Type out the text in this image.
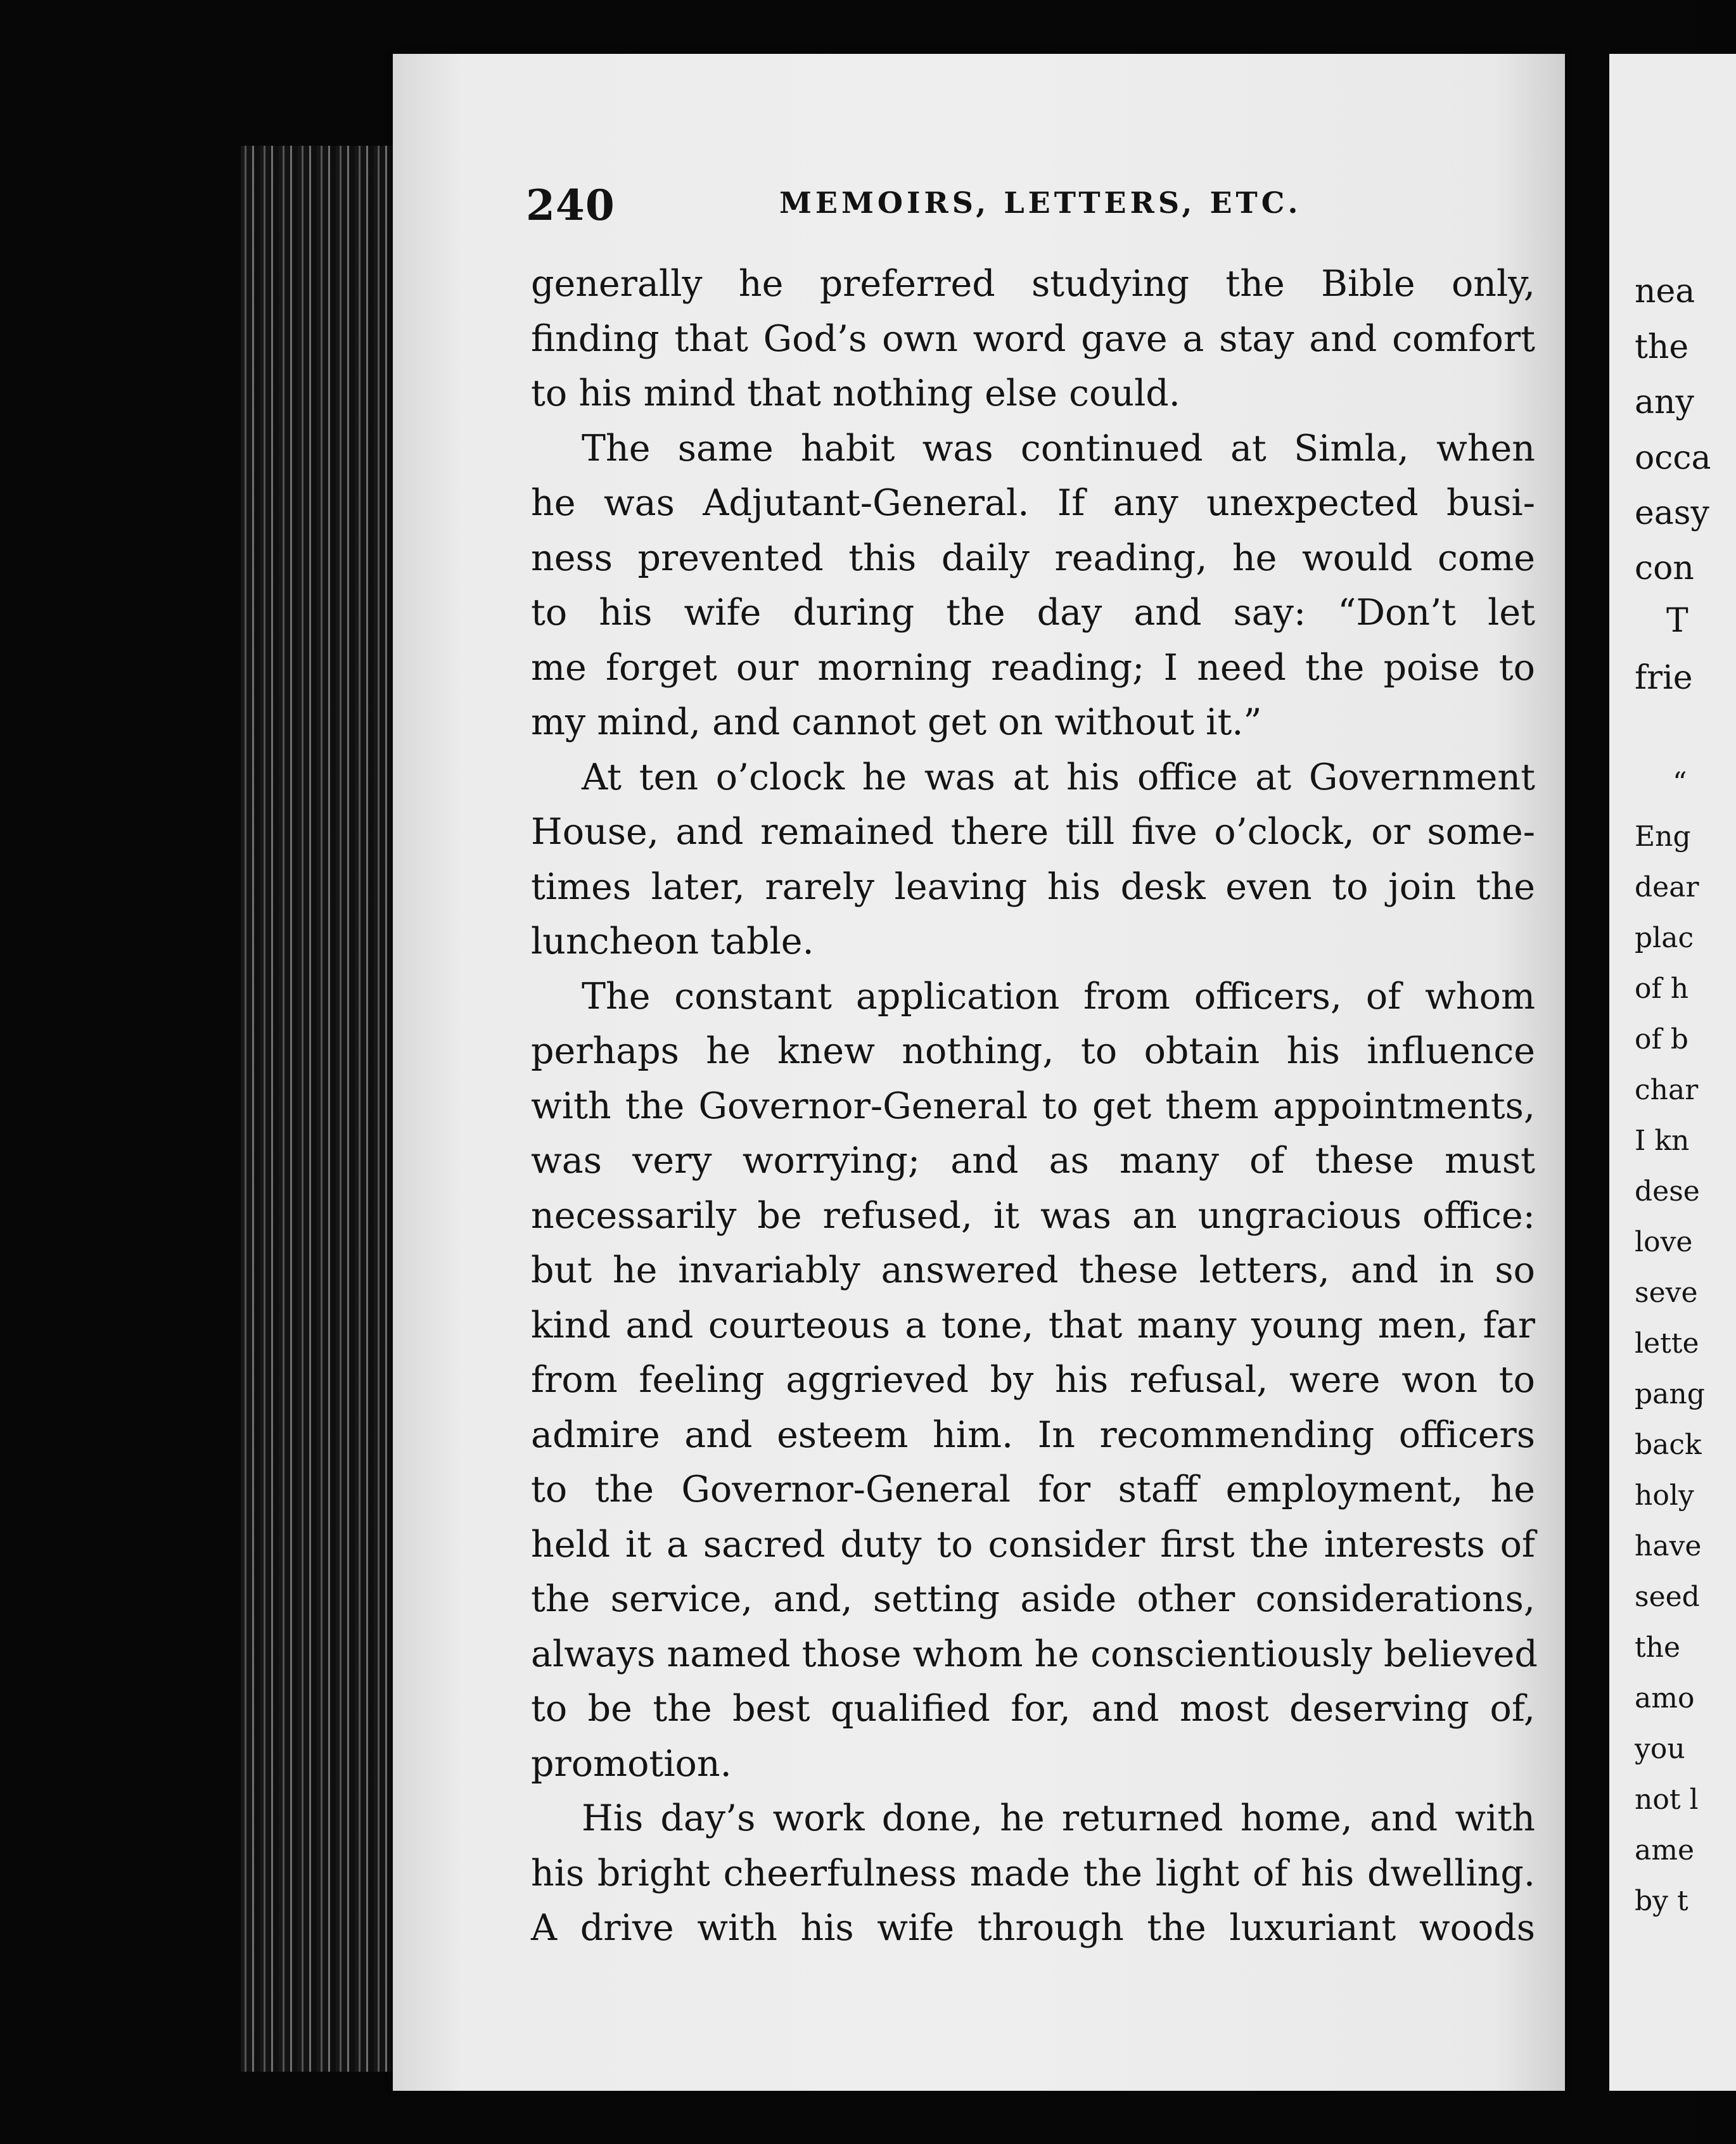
nea
the
any
occa
easy
con
T
frie
“
Eng
dear
plac
of h
of b
char
I kn
dese
love
seve
lette
pang
back
holy
have
seed
the
amo
you
not l
ame
by t
240	MEMOIRS, LETTERS, ETC.
generally he preferred studying the Bible only,
finding that God’s own word gave a stay and comfort
to his mind that nothing else could.
The same habit was continued at Simla, when
he was Adjutant-General. If any unexpected busi-
ness prevented this daily reading, he would come
to his wife during the day and say: “Don’t let
me forget our morning reading; I need the poise to
my mind, and cannot get on without it.”
At ten o’clock he was at his office at Government
House, and remained there till five o’clock, or some-
times later, rarely leaving his desk even to join the
luncheon table.
The constant application from officers, of whom
perhaps he knew nothing, to obtain his influence
with the Governor-General to get them appointments,
was very worrying; and as many of these must
necessarily be refused, it was an ungracious office:
but he invariably answered these letters, and in so
kind and courteous a tone, that many young men, far
from feeling aggrieved by his refusal, were won to
admire and esteem him. In recommending officers
to the Governor-General for staff employment, he
held it a sacred duty to consider first the interests of
the service, and, setting aside other considerations,
always named those whom he conscientiously believed
to be the best qualified for, and most deserving of,
promotion.
His day’s work done, he returned home, and with
his bright cheerfulness made the light of his dwelling.
A drive with his wife through the luxuriant woods
